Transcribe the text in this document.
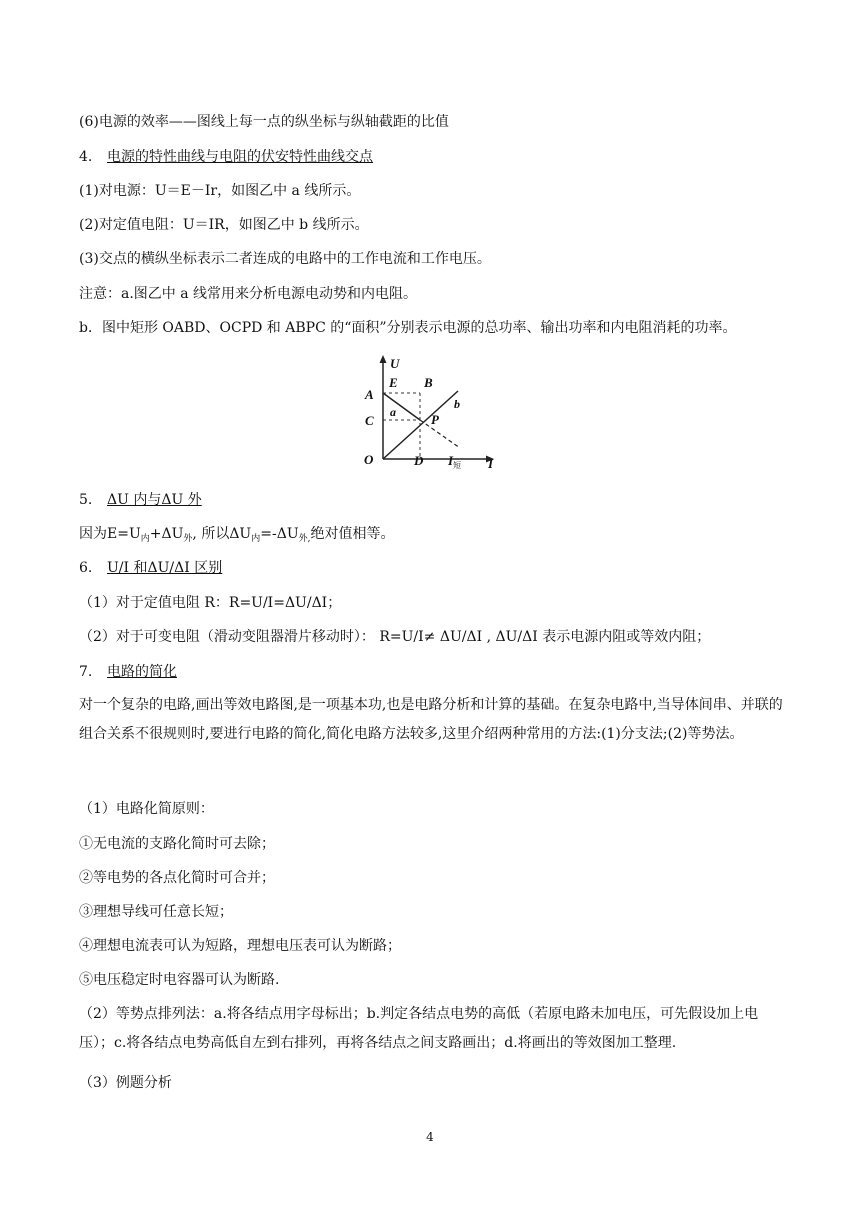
(6)电源的效率——图线上每一点的纵坐标与纵轴截距的比值
4. 电源的特性曲线与电阻的伏安特性曲线交点
(1)对电源：U＝E－Ir，如图乙中 a 线所示。
(2)对定值电阻：U＝IR，如图乙中 b 线所示。
(3)交点的横纵坐标表示二者连成的电路中的工作电流和工作电压。
注意：a.图乙中 a 线常用来分析电源电动势和内电阻。
b．图中矩形 OABD、OCPD 和 ABPC 的“面积”分别表示电源的总功率、输出功率和内电阻消耗的功率。
U
I
O
A
C
E B
a
b
P
D $I_短$
5. ΔU 内与ΔU 外
因为$E=U_内+\Delta U_外$, 所以$\Delta U_内=-\Delta U_{外,}$绝对值相等。
6. U/I 和ΔU/ΔI 区别
（1）对于定值电阻 R：R=U/I=ΔU/ΔI；
（2）对于可变电阻（滑动变阻器滑片移动时）： R=U/I≠ ΔU/ΔI , ΔU/ΔI 表示电源内阻或等效内阻；
7. 电路的简化
对一个复杂的电路,画出等效电路图,是一项基本功,也是电路分析和计算的基础。在复杂电路中,当导体间串、并联的组合关系不很规则时,要进行电路的简化,简化电路方法较多,这里介绍两种常用的方法:(1)分支法;(2)等势法。
（1）电路化简原则：
①无电流的支路化简时可去除；
②等电势的各点化简时可合并；
③理想导线可任意长短；
④理想电流表可认为短路，理想电压表可认为断路；
⑤电压稳定时电容器可认为断路.
（2）等势点排列法：a.将各结点用字母标出；b.判定各结点电势的高低（若原电路未加电压，可先假设加上电压）；c.将各结点电势高低自左到右排列，再将各结点之间支路画出；d.将画出的等效图加工整理.
（3）例题分析
4
